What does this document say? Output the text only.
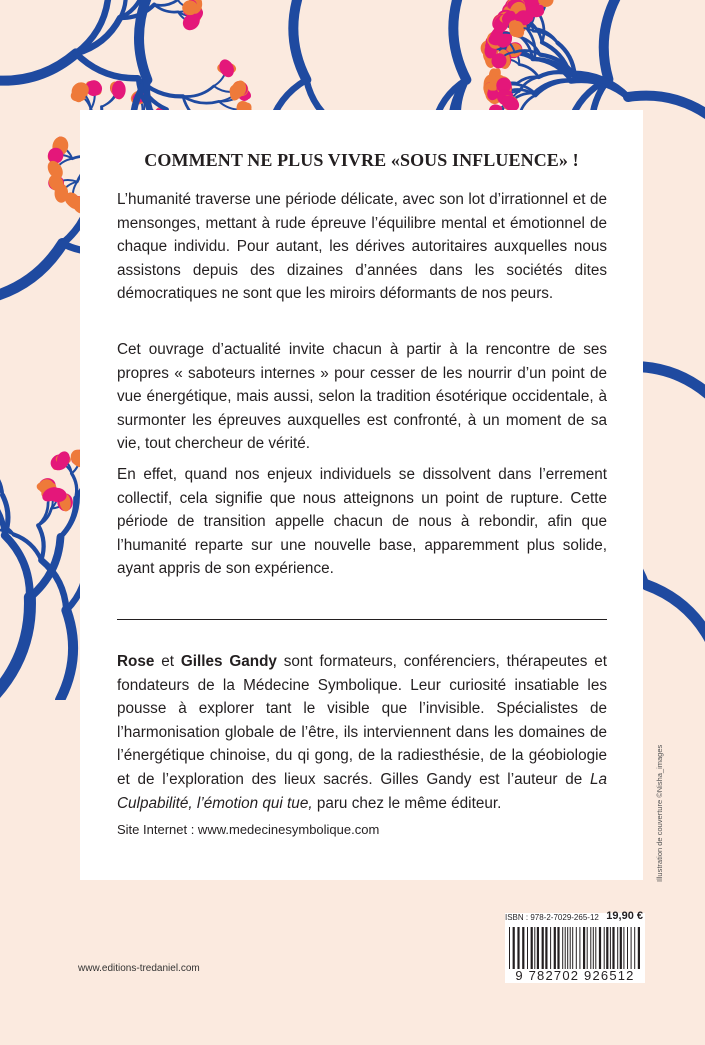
COMMENT NE PLUS VIVRE «SOUS INFLUENCE» !
L’humanité traverse une période délicate, avec son lot d’irrationnel et de mensonges, mettant à rude épreuve l’équilibre mental et émotionnel de chaque individu. Pour autant, les dérives autoritaires auxquelles nous assistons depuis des dizaines d’années dans les sociétés dites démocratiques ne sont que les miroirs déformants de nos peurs.
Cet ouvrage d’actualité invite chacun à partir à la rencontre de ses propres « saboteurs internes » pour cesser de les nourrir d’un point de vue énergétique, mais aussi, selon la tradition ésotérique occidentale, à surmonter les épreuves auxquelles est confronté, à un moment de sa vie, tout chercheur de vérité.
En effet, quand nos enjeux individuels se dissolvent dans l’errement collectif, cela signifie que nous atteignons un point de rupture. Cette période de transition appelle chacun de nous à rebondir, afin que l’humanité reparte sur une nouvelle base, apparemment plus solide, ayant appris de son expérience.
Rose et Gilles Gandy sont formateurs, conférenciers, thérapeutes et fondateurs de la Médecine Symbolique. Leur curiosité insatiable les pousse à explorer tant le visible que l’invisible. Spécialistes de l’harmonisation globale de l’être, ils interviennent dans les domaines de l’énergétique chinoise, du qi gong, de la radiesthésie, de la géobiologie et de l’exploration des lieux sacrés. Gilles Gandy est l’auteur de La Culpabilité, l’émotion qui tue, paru chez le même éditeur.
Site Internet : www.medecinesymbolique.com	Illustration de couverture ©Nisha_images
ISBN : 978-2-7029-265-12 19,90 €
9 782702 926512
www.editions-tredaniel.com
